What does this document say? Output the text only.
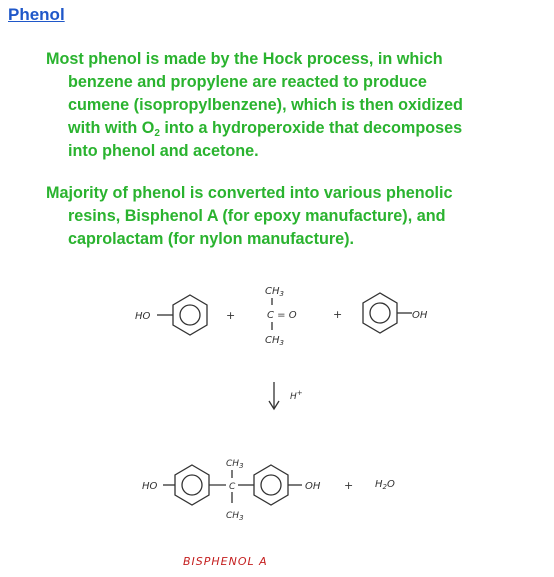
Phenol
Most phenol is made by the Hock process, in which
benzene and propylene are reacted to produce
cumene (isopropylbenzene), which is then oxidized
with with $O_2$ into a hydroperoxide that decomposes
into phenol and acetone.
Majority of phenol is converted into various phenolic
resins, Bisphenol A (for epoxy manufacture), and
caprolactam (for nylon manufacture).
HO	+
$CH_3$
C = O
$CH_3$
+	OH
H+
HO
$CH_3$
C
$CH_3$
OH + $H_2O$
BISPHENOL A
